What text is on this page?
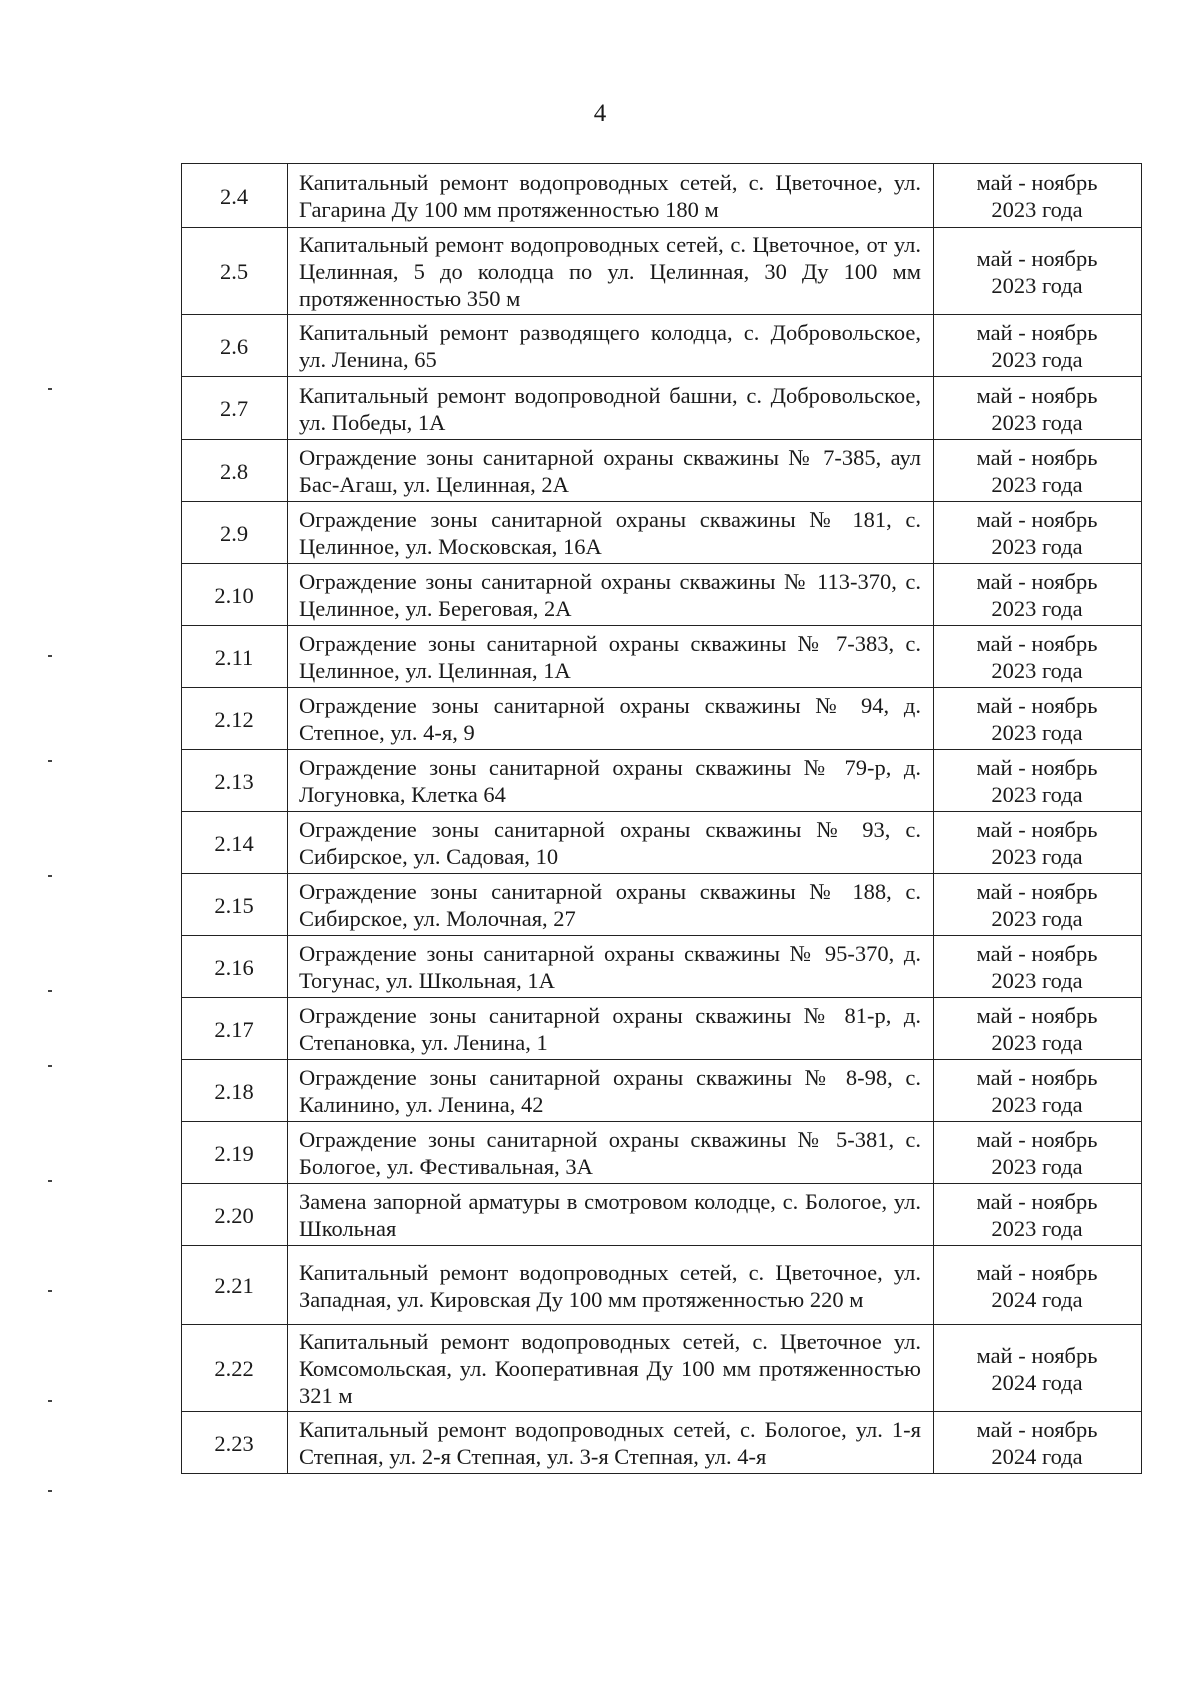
4
2.4	Капитальный ремонт водопроводных сетей, с. Цветочное, ул. Гагарина Ду 100 мм протяженностью 180 м	май - ноябрь
2023 года

2.5	Капитальный ремонт водопроводных сетей, с. Цветочное, от ул. Целинная, 5 до колодца по ул. Целинная, 30 Ду 100 мм протяженностью 350 м	май - ноябрь
2023 года

2.6	Капитальный ремонт разводящего колодца, с. Добровольское, ул. Ленина, 65	май - ноябрь
2023 года

2.7	Капитальный ремонт водопроводной башни, с. Добровольское, ул. Победы, 1А	май - ноябрь
2023 года

2.8	Ограждение зоны санитарной охраны скважины № 7-385, аул Бас-Агаш, ул. Целинная, 2А	май - ноябрь
2023 года

2.9	Ограждение зоны санитарной охраны скважины № 181, с. Целинное, ул. Московская, 16А	май - ноябрь
2023 года

2.10	Ограждение зоны санитарной охраны скважины № 113-370, с. Целинное, ул. Береговая, 2А	май - ноябрь
2023 года

2.11	Ограждение зоны санитарной охраны скважины № 7-383, с. Целинное, ул. Целинная, 1А	май - ноябрь
2023 года

2.12	Ограждение зоны санитарной охраны скважины № 94, д. Степное, ул. 4-я, 9	май - ноябрь
2023 года

2.13	Ограждение зоны санитарной охраны скважины № 79-р, д. Логуновка, Клетка 64	май - ноябрь
2023 года

2.14	Ограждение зоны санитарной охраны скважины № 93, с. Сибирское, ул. Садовая, 10	май - ноябрь
2023 года

2.15	Ограждение зоны санитарной охраны скважины № 188, с. Сибирское, ул. Молочная, 27	май - ноябрь
2023 года

2.16	Ограждение зоны санитарной охраны скважины № 95-370, д. Тогунас, ул. Школьная, 1А	май - ноябрь
2023 года

2.17	Ограждение зоны санитарной охраны скважины № 81-р, д. Степановка, ул. Ленина, 1	май - ноябрь
2023 года

2.18	Ограждение зоны санитарной охраны скважины № 8-98, с. Калинино, ул. Ленина, 42	май - ноябрь
2023 года

2.19	Ограждение зоны санитарной охраны скважины № 5-381, с. Бологое, ул. Фестивальная, 3А	май - ноябрь
2023 года

2.20	Замена запорной арматуры в смотровом колодце, с. Бологое, ул. Школьная	май - ноябрь
2023 года

2.21	Капитальный ремонт водопроводных сетей, с. Цветочное, ул. Западная, ул. Кировская Ду 100 мм протяженностью 220 м	май - ноябрь
2024 года

2.22	Капитальный ремонт водопроводных сетей, с. Цветочное ул. Комсомольская, ул. Кооперативная Ду 100 мм протяженностью 321 м	май - ноябрь
2024 года

2.23	Капитальный ремонт водопроводных сетей, с. Бологое, ул. 1-я Степная, ул. 2-я Степная, ул. 3-я Степная, ул. 4-я	май - ноябрь
2024 года
